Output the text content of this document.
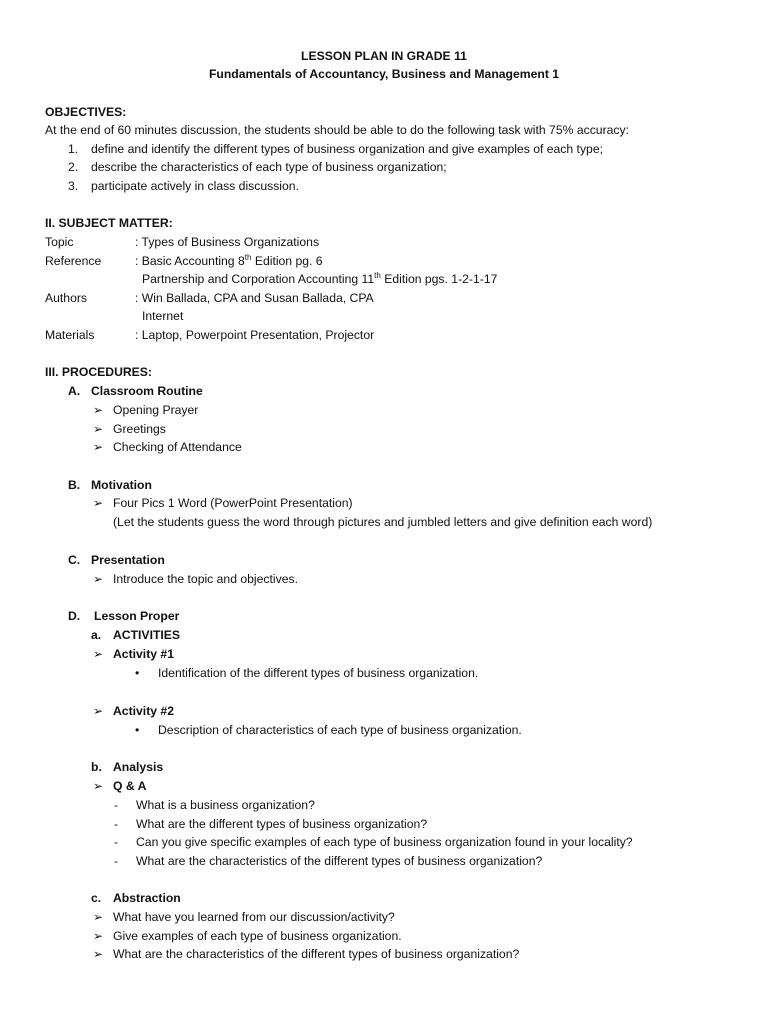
LESSON PLAN IN GRADE 11
Fundamentals of Accountancy, Business and Management 1
OBJECTIVES:
At the end of 60 minutes discussion, the students should be able to do the following task with 75% accuracy:
1. define and identify the different types of business organization and give examples of each type;
2. describe the characteristics of each type of business organization;
3. participate actively in class discussion.
II. SUBJECT MATTER:
Topic	: Types of Business Organizations
Reference	: Basic Accounting 8th Edition pg. 6
Partnership and Corporation Accounting 11th Edition pgs. 1-2-1-17
Authors	: Win Ballada, CPA and Susan Ballada, CPA
Internet
Materials	: Laptop, Powerpoint Presentation, Projector
III. PROCEDURES:
A. Classroom Routine
➢ Opening Prayer
➢ Greetings
➢ Checking of Attendance
B. Motivation
➢ Four Pics 1 Word (PowerPoint Presentation)
(Let the students guess the word through pictures and jumbled letters and give definition each word)
C. Presentation
➢ Introduce the topic and objectives.
D. Lesson Proper
a. ACTIVITIES
➢ Activity #1
• Identification of the different types of business organization.
➢ Activity #2
• Description of characteristics of each type of business organization.
b. Analysis
➢ Q & A
- What is a business organization?
- What are the different types of business organization?
- Can you give specific examples of each type of business organization found in your locality?
- What are the characteristics of the different types of business organization?
c. Abstraction
➢ What have you learned from our discussion/activity?
➢ Give examples of each type of business organization.
➢ What are the characteristics of the different types of business organization?
